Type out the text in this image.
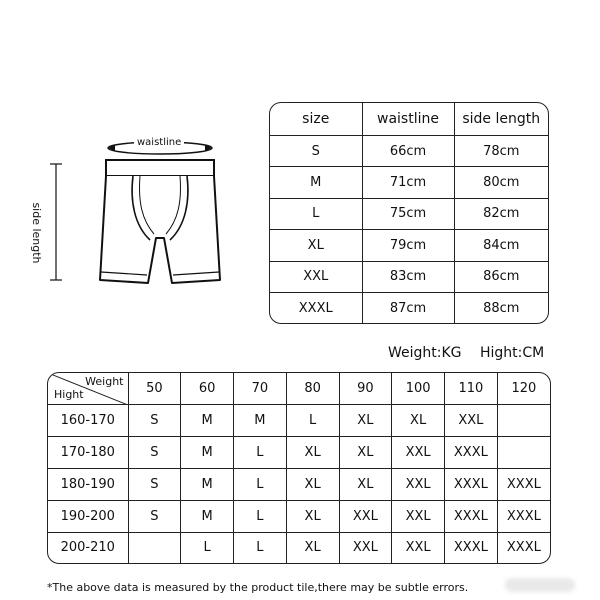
waistline
side length
size	waistline	side length
S	66cm	78cm
M	71cm	80cm
L	75cm	82cm
XL	79cm	84cm
XXL	83cm	86cm
XXXL	87cm	88cm
Weight:KG Hight:CM
Weight
Hight	50	60	70	80	90	100	110	120
160-170	S	M	M	L	XL	XL	XXL	
170-180	S	M	L	XL	XL	XXL	XXXL	
180-190	S	M	L	XL	XL	XXL	XXXL	XXXL
190-200	S	M	L	XL	XXL	XXL	XXXL	XXXL
200-210		L	L	XL	XXL	XXL	XXXL	XXXL
*The above data is measured by the product tile,there may be subtle errors.
